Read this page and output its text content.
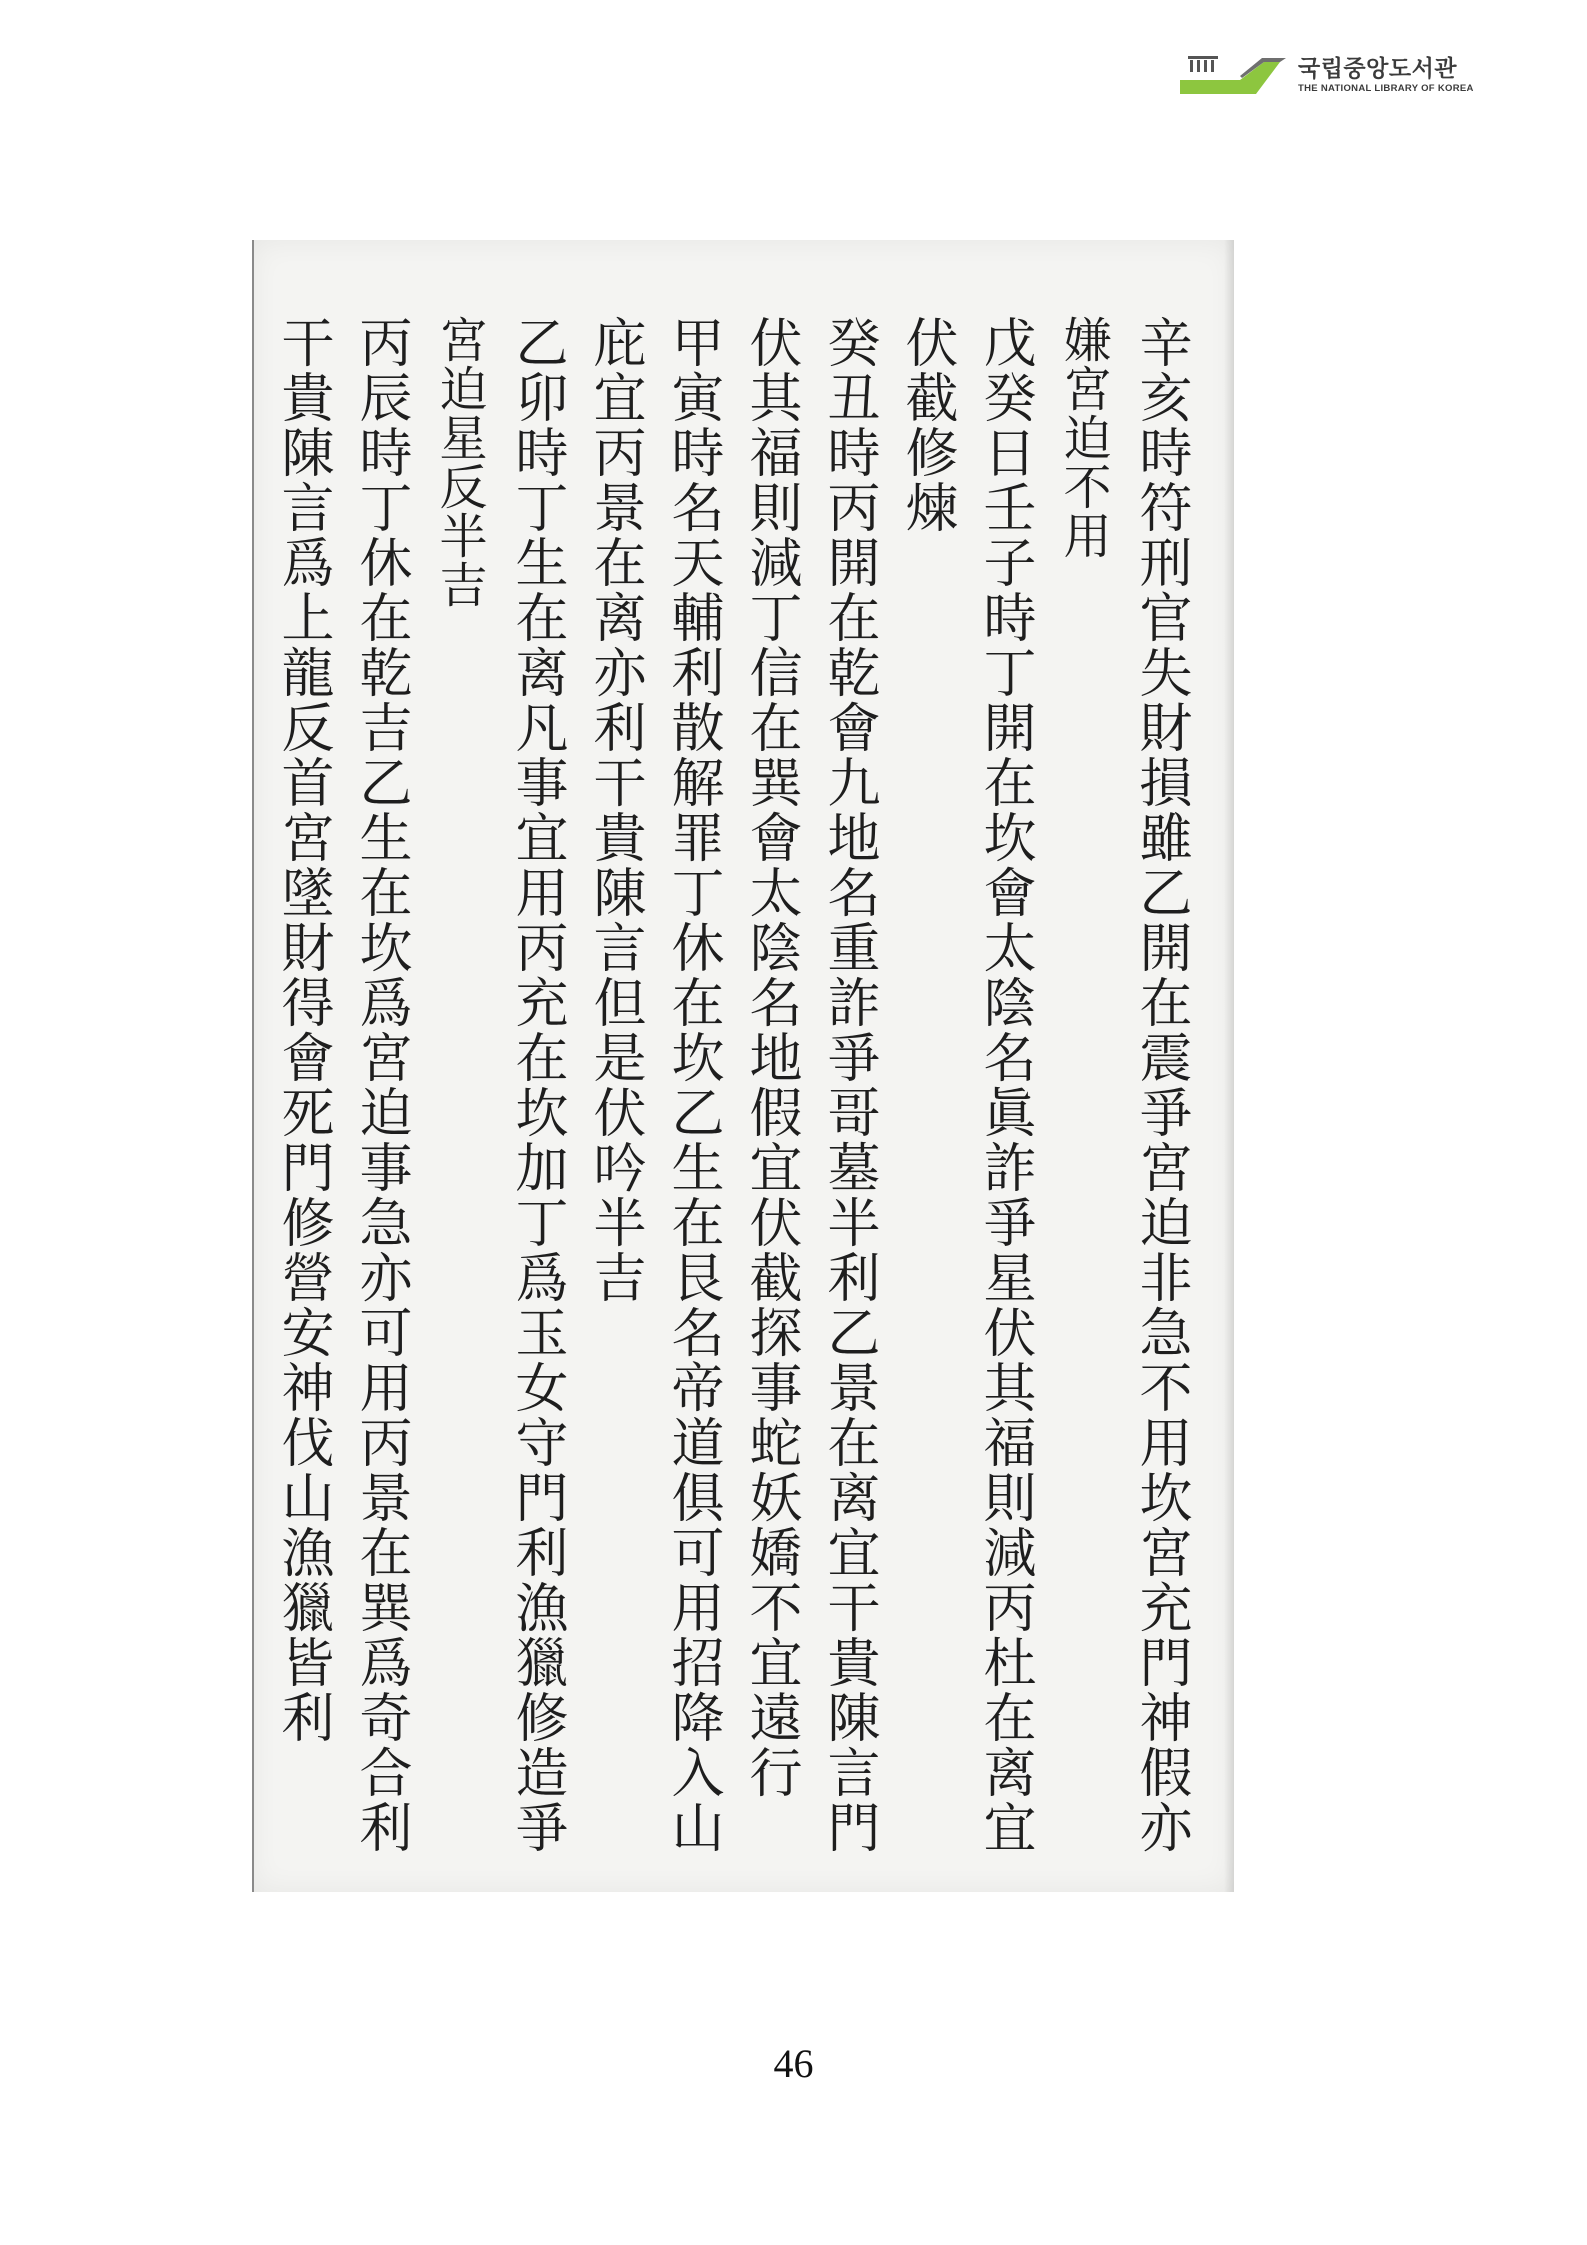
국립중앙도서관
THE NATIONAL LIBRARY OF KOREA
辛亥時符刑官失財損雖乙開在震爭宮迫非急不用坎宮充門神假亦
嫌宮迫不用
戊癸日壬子時丁開在坎會太陰名眞詐爭星伏其福則減丙杜在离宜
伏截修煉
癸丑時丙開在乾會九地名重詐爭哥墓半利乙景在离宜干貴陳言門
伏其福則減丁信在巽會太陰名地假宜伏截探事蛇妖嬌不宜遠行
甲寅時名天輔利散解罪丁休在坎乙生在艮名帝道俱可用招降入山
庇宜丙景在离亦利干貴陳言但是伏吟半吉
乙卯時丁生在离凡事宜用丙充在坎加丁爲玉女守門利漁獵修造爭
宮迫星反半吉
丙辰時丁休在乾吉乙生在坎爲宮迫事急亦可用丙景在巽爲奇合利
干貴陳言爲上龍反首宮墜財得會死門修營安神伐山漁獵皆利
46
